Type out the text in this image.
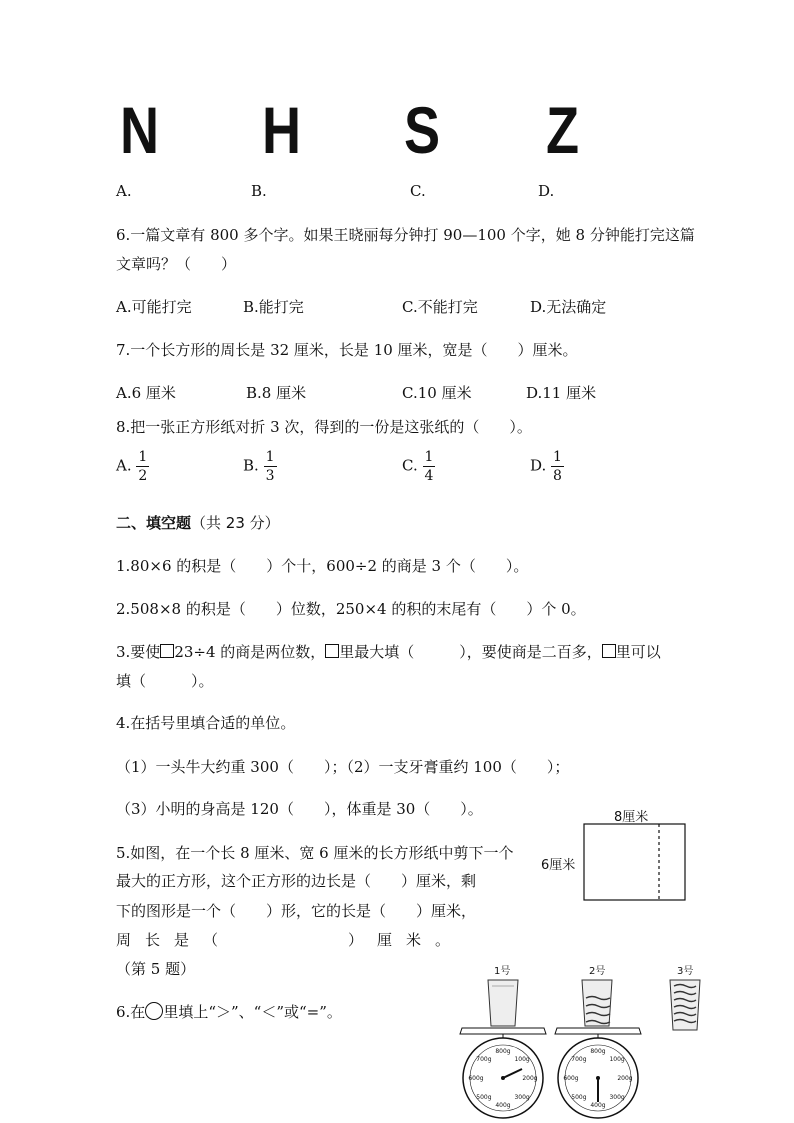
N H S Z
A.	B.	C.	D.
6.一篇文章有 800 多个字。如果王晓丽每分钟打 90—100 个字，她 8 分钟能打完这篇
文章吗？（　　）
A.可能打完	B.能打完	C.不能打完	D.无法确定
7.一个长方形的周长是 32 厘米，长是 10 厘米，宽是（　　）厘米。
A.6 厘米	B.8 厘米	C.10 厘米	D.11 厘米
8.把一张正方形纸对折 3 次，得到的一份是这张纸的（　　）。
A. $\frac{1}{2}$	B. $\frac{1}{3}$	C. $\frac{1}{4}$	D. $\frac{1}{8}$
二、填空题（共 23 分）
1.80×6 的积是（　　）个十，600÷2 的商是 3 个（　　）。
2.508×8 的积是（　　）位数，250×4 的积的末尾有（　　）个 0。
3.要使 23÷4 的商是两位数， 里最大填（　　　），要使商是二百多， 里可以
填（　　　）。
4.在括号里填合适的单位。
（1）一头牛大约重 300（　　）；（2）一支牙膏重约 100（　　）；
（3）小明的身高是 120（　　），体重是 30（　　）。
5.如图，在一个长 8 厘米、宽 6 厘米的长方形纸中剪下一个
最大的正方形，这个正方形的边长是（　　）厘米，剩
下的图形是一个（　　）形，它的长是（　　）厘米，
周长是（　　　　）厘米。
（第 5 题）
6.在 里填上“＞”、“＜”或“=”。
8厘米
6厘米
1号	2号	3号
800g
100g
200g
300g
400g
500g
600g
700g
800g
100g
200g
300g
400g
500g
600g
700g
